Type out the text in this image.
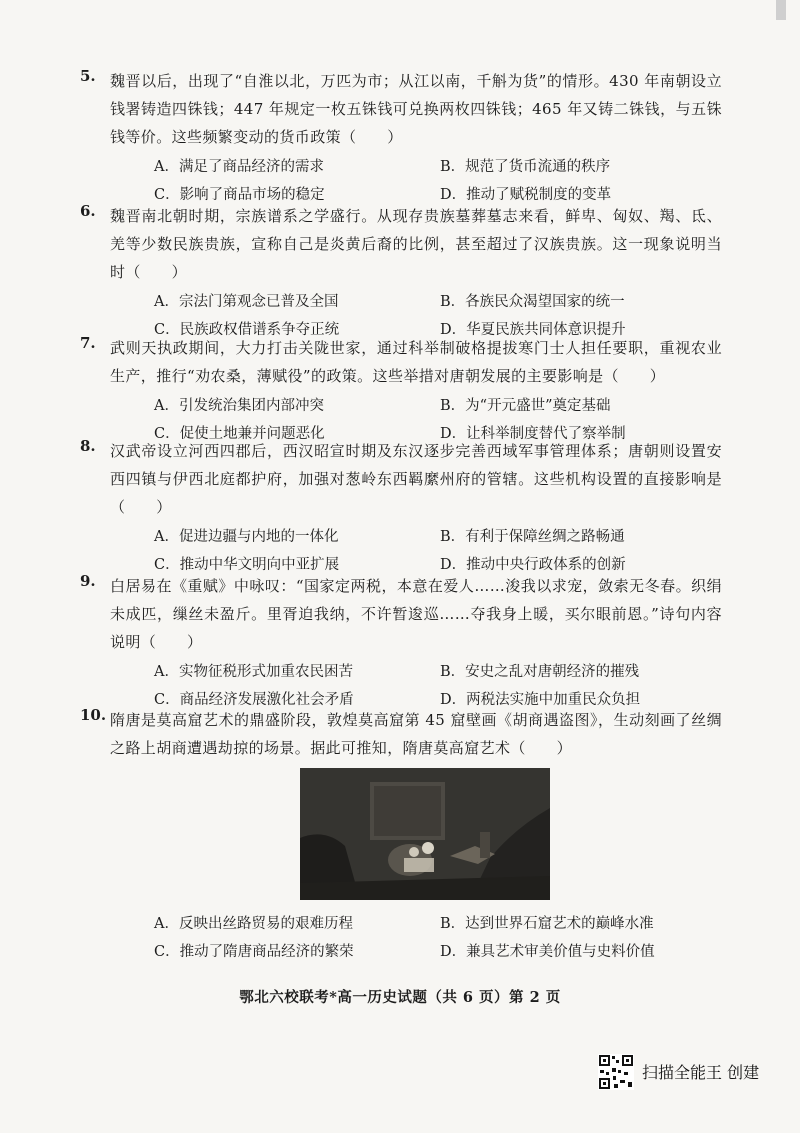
5. 魏晋以后，出现了“自淮以北，万匹为市；从江以南，千斛为货”的情形。430 年南朝设立钱署铸造四铢钱；447 年规定一枚五铢钱可兑换两枚四铢钱；465 年又铸二铢钱，与五铢钱等价。这些频繁变动的货币政策（　　）
A．满足了商品经济的需求	B．规范了货币流通的秩序
C．影响了商品市场的稳定	D．推动了赋税制度的变革
6. 魏晋南北朝时期，宗族谱系之学盛行。从现存贵族墓葬墓志来看，鲜卑、匈奴、羯、氐、羌等少数民族贵族，宣称自己是炎黄后裔的比例，甚至超过了汉族贵族。这一现象说明当时（　　）
A．宗法门第观念已普及全国	B．各族民众渴望国家的统一
C．民族政权借谱系争夺正统	D．华夏民族共同体意识提升
7. 武则天执政期间，大力打击关陇世家，通过科举制破格提拔寒门士人担任要职，重视农业生产，推行“劝农桑，薄赋役”的政策。这些举措对唐朝发展的主要影响是（　　）
A．引发统治集团内部冲突	B．为“开元盛世”奠定基础
C．促使土地兼并问题恶化	D．让科举制度替代了察举制
8. 汉武帝设立河西四郡后，西汉昭宣时期及东汉逐步完善西域军事管理体系；唐朝则设置安西四镇与伊西北庭都护府，加强对葱岭东西羁縻州府的管辖。这些机构设置的直接影响是（　　）
A．促进边疆与内地的一体化	B．有利于保障丝绸之路畅通
C．推动中华文明向中亚扩展	D．推动中央行政体系的创新
9. 白居易在《重赋》中咏叹：“国家定两税，本意在爱人……浚我以求宠，敛索无冬春。织绢未成匹，缫丝未盈斤。里胥迫我纳，不许暂逡巡……夺我身上暖，买尔眼前恩。”诗句内容说明（　　）
A．实物征税形式加重农民困苦	B．安史之乱对唐朝经济的摧残
C．商品经济发展激化社会矛盾	D．两税法实施中加重民众负担
10. 隋唐是莫高窟艺术的鼎盛阶段，敦煌莫高窟第 45 窟壁画《胡商遇盗图》，生动刻画了丝绸之路上胡商遭遇劫掠的场景。据此可推知，隋唐莫高窟艺术（　　）
A．反映出丝路贸易的艰难历程	B．达到世界石窟艺术的巅峰水准
C．推动了隋唐商品经济的繁荣	D．兼具艺术审美价值与史料价值
鄂北六校联考*高一历史试题（共 6 页）第 2 页
扫描全能王 创建
